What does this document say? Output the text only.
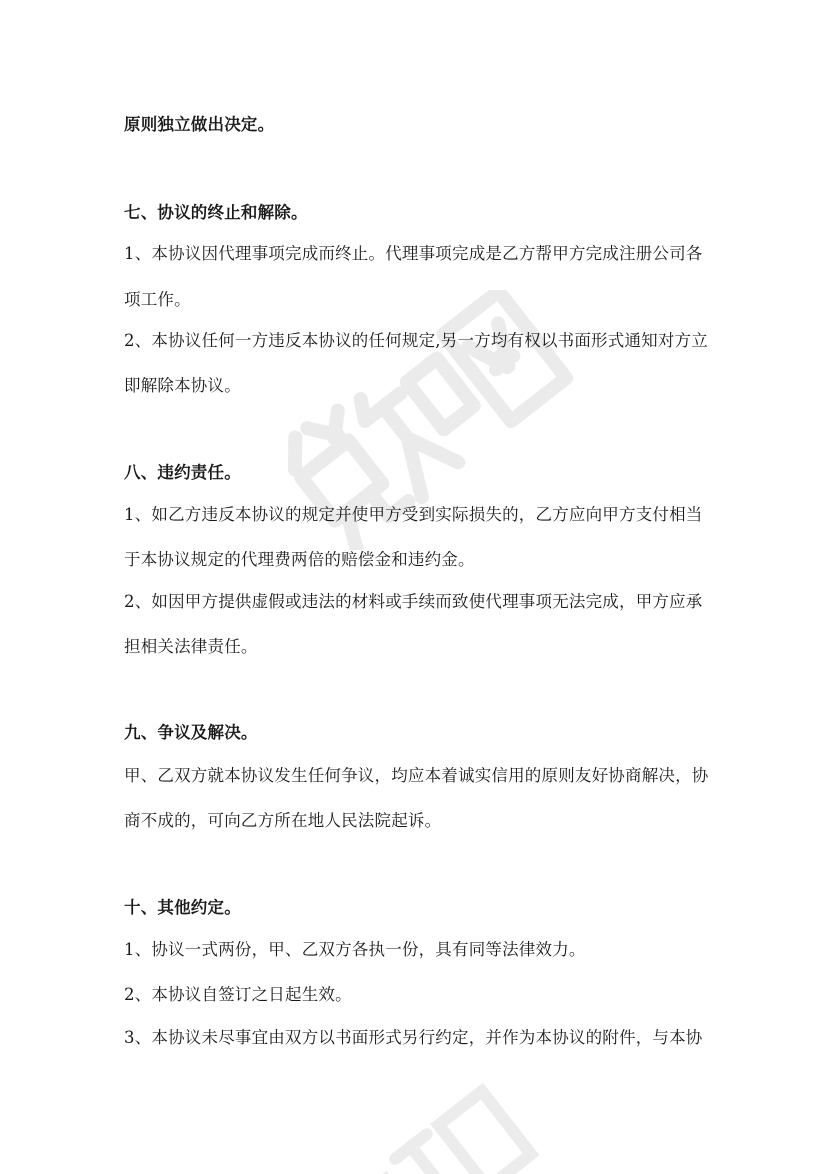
原则独立做出决定。
七、协议的终止和解除。
1、本协议因代理事项完成而终止。代理事项完成是乙方帮甲方完成注册公司各
项工作。
2、本协议任何一方违反本协议的任何规定,另一方均有权以书面形式通知对方立
即解除本协议。
八、违约责任。
1、如乙方违反本协议的规定并使甲方受到实际损失的，乙方应向甲方支付相当
于本协议规定的代理费两倍的赔偿金和违约金。
2、如因甲方提供虚假或违法的材料或手续而致使代理事项无法完成，甲方应承
担相关法律责任。
九、争议及解决。
甲、乙双方就本协议发生任何争议，均应本着诚实信用的原则友好协商解决，协
商不成的，可向乙方所在地人民法院起诉。
十、其他约定。
1、协议一式两份，甲、乙双方各执一份，具有同等法律效力。
2、本协议自签订之日起生效。
3、本协议未尽事宜由双方以书面形式另行约定，并作为本协议的附件，与本协
